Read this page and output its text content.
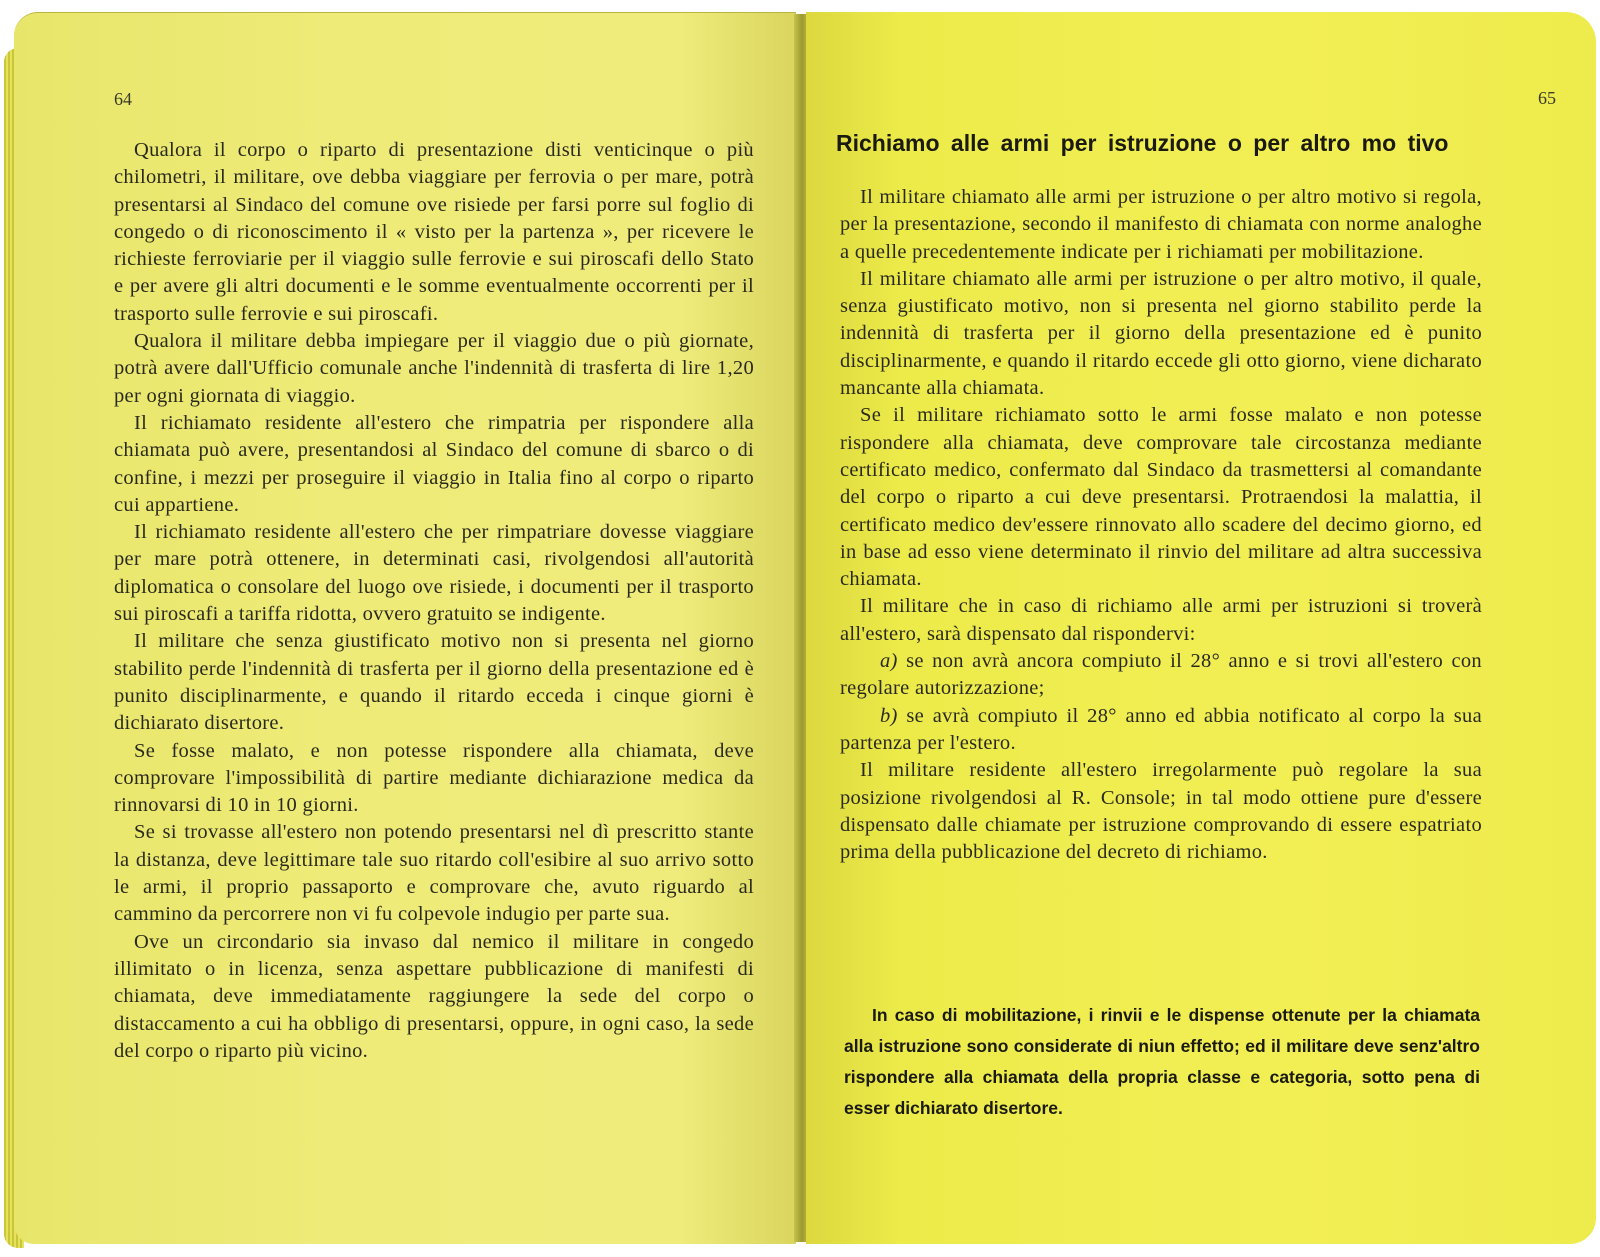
64

Qualora il corpo o riparto di presentazione disti venticinque o più chilometri, il militare, ove debba viaggiare per ferrovia o per mare, potrà presentarsi al Sindaco del comune ove risiede per farsi porre sul foglio di congedo o di riconoscimento il « visto per la partenza », per ricevere le richieste ferroviarie per il viaggio sulle ferrovie e sui piroscafi dello Stato e per avere gli altri documenti e le somme eventualmente occorrenti per il trasporto sulle ferrovie e sui piroscafi.

Qualora il militare debba impiegare per il viaggio due o più giornate, potrà avere dall'Ufficio comunale anche l'indennità di trasferta di lire 1,20 per ogni giornata di viaggio.

Il richiamato residente all'estero che rimpatria per rispondere alla chiamata può avere, presentandosi al Sindaco del comune di sbarco o di confine, i mezzi per proseguire il viaggio in Italia fino al corpo o riparto cui appartiene.

Il richiamato residente all'estero che per rimpatriare dovesse viaggiare per mare potrà ottenere, in determinati casi, rivolgendosi all'autorità diplomatica o consolare del luogo ove risiede, i documenti per il trasporto sui piroscafi a tariffa ridotta, ovvero gratuito se indigente.

Il militare che senza giustificato motivo non si presenta nel giorno stabilito perde l'indennità di trasferta per il giorno della presentazione ed è punito disciplinarmente, e quando il ritardo ecceda i cinque giorni è dichiarato disertore.

Se fosse malato, e non potesse rispondere alla chiamata, deve comprovare l'impossibilità di partire mediante dichiarazione medica da rinnovarsi di 10 in 10 giorni.

Se si trovasse all'estero non potendo presentarsi nel dì prescritto stante la distanza, deve legittimare tale suo ritardo coll'esibire al suo arrivo sotto le armi, il proprio passaporto e comprovare che, avuto riguardo al cammino da percorrere non vi fu colpevole indugio per parte sua.

Ove un circondario sia invaso dal nemico il militare in congedo illimitato o in licenza, senza aspettare pubblicazione di manifesti di chiamata, deve immediatamente raggiungere la sede del corpo o distaccamento a cui ha obbligo di presentarsi, oppure, in ogni caso, la sede del corpo o riparto più vicino.

65
Richiamo alle armi per istruzione o per altro mo tivo

Il militare chiamato alle armi per istruzione o per altro motivo si regola, per la presentazione, secondo il manifesto di chiamata con norme analoghe a quelle precedentemente indicate per i richiamati per mobilitazione.

Il militare chiamato alle armi per istruzione o per altro motivo, il quale, senza giustificato motivo, non si presenta nel giorno stabilito perde la indennità di trasferta per il giorno della presentazione ed è punito disciplinarmente, e quando il ritardo eccede gli otto giorno, viene dicharato mancante alla chiamata.

Se il militare richiamato sotto le armi fosse malato e non potesse rispondere alla chiamata, deve comprovare tale circostanza mediante certificato medico, confermato dal Sindaco da trasmettersi al comandante del corpo o riparto a cui deve presentarsi. Protraendosi la malattia, il certificato medico dev'essere rinnovato allo scadere del decimo giorno, ed in base ad esso viene determinato il rinvio del militare ad altra successiva chiamata.

Il militare che in caso di richiamo alle armi per istruzioni si troverà all'estero, sarà dispensato dal rispondervi:

a) se non avrà ancora compiuto il 28° anno e si trovi all'estero con regolare autorizzazione;

b) se avrà compiuto il 28° anno ed abbia notificato al corpo la sua partenza per l'estero.

Il militare residente all'estero irregolarmente può regolare la sua posizione rivolgendosi al R. Console; in tal modo ottiene pure d'essere dispensato dalle chiamate per istruzione comprovando di essere espatriato prima della pubblicazione del decreto di richiamo.

In caso di mobilitazione, i rinvii e le dispense ottenute per la chiamata alla istruzione sono considerate di niun effetto; ed il militare deve senz'altro rispondere alla chiamata della propria classe e categoria, sotto pena di esser dichiarato disertore.
